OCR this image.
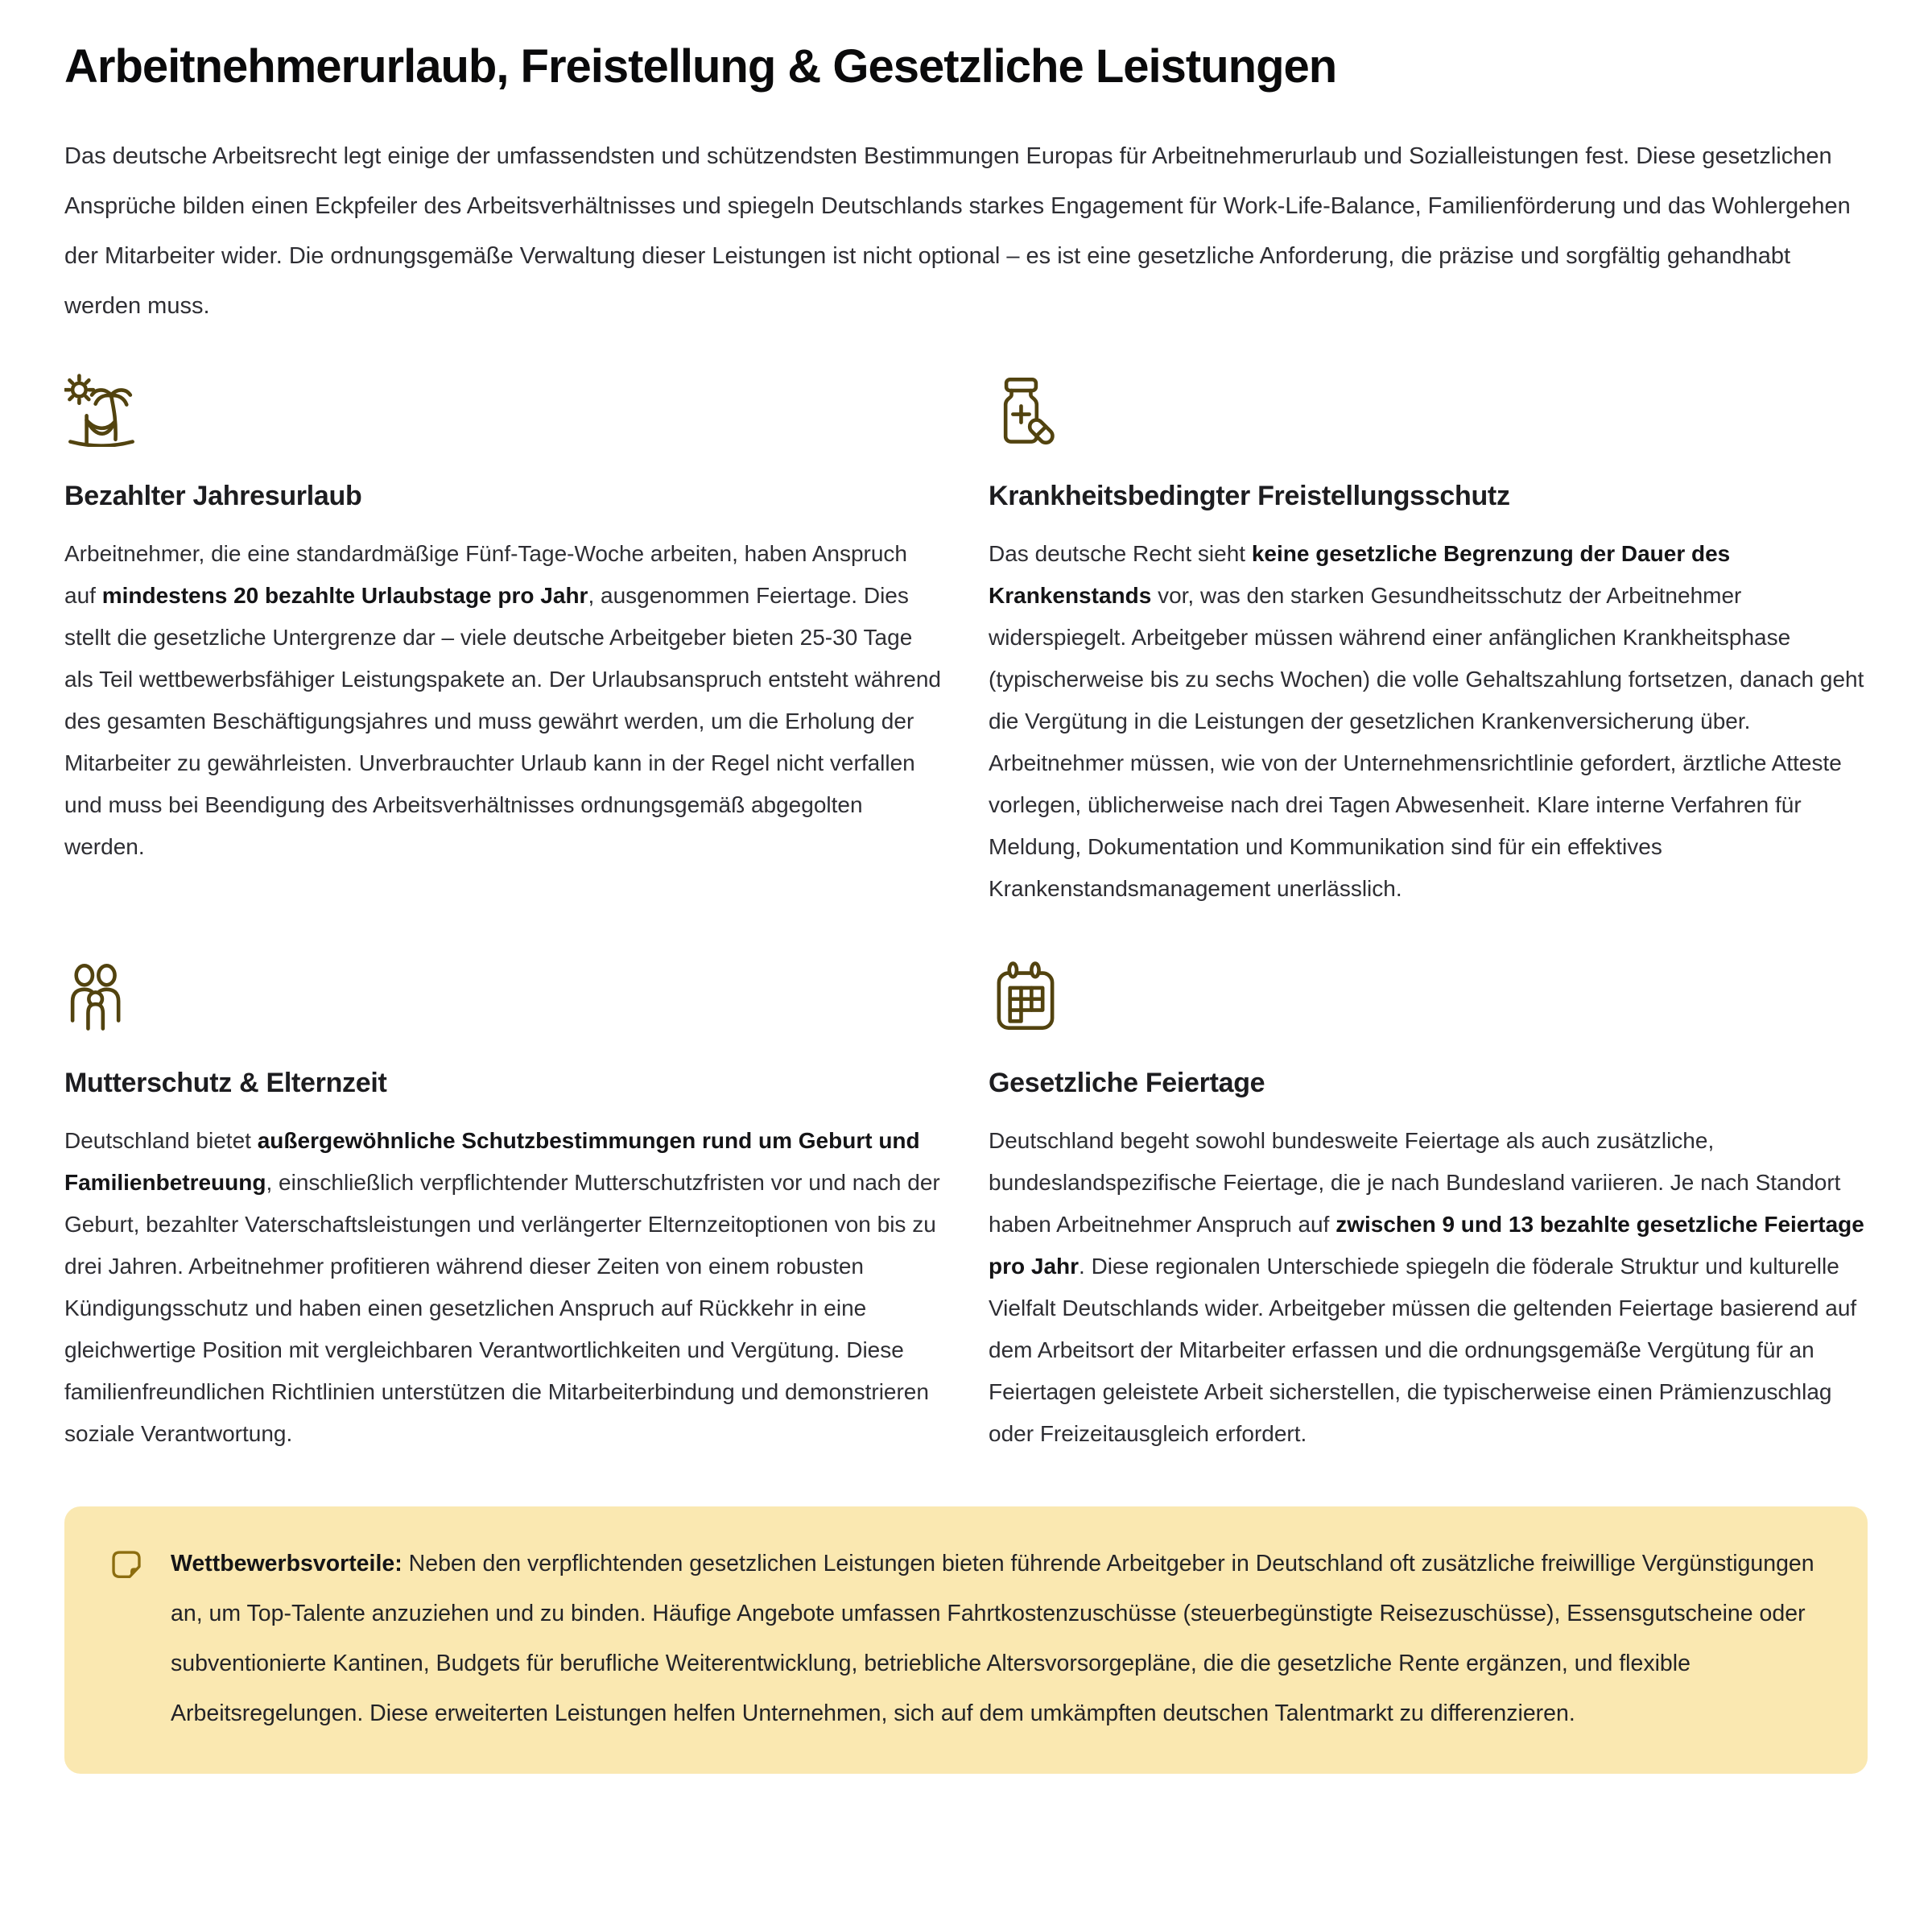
Arbeitnehmerurlaub, Freistellung & Gesetzliche Leistungen

Das deutsche Arbeitsrecht legt einige der umfassendsten und schützendsten Bestimmungen Europas für Arbeitnehmerurlaub und Sozialleistungen fest. Diese gesetzlichen Ansprüche bilden einen Eckpfeiler des Arbeitsverhältnisses und spiegeln Deutschlands starkes Engagement für Work-Life-Balance, Familienförderung und das Wohlergehen der Mitarbeiter wider. Die ordnungsgemäße Verwaltung dieser Leistungen ist nicht optional – es ist eine gesetzliche Anforderung, die präzise und sorgfältig gehandhabt werden muss.

Bezahlter Jahresurlaub

Arbeitnehmer, die eine standardmäßige Fünf-Tage-Woche arbeiten, haben Anspruch auf mindestens 20 bezahlte Urlaubstage pro Jahr, ausgenommen Feiertage. Dies stellt die gesetzliche Untergrenze dar – viele deutsche Arbeitgeber bieten 25-30 Tage als Teil wettbewerbsfähiger Leistungspakete an. Der Urlaubsanspruch entsteht während des gesamten Beschäftigungsjahres und muss gewährt werden, um die Erholung der Mitarbeiter zu gewährleisten. Unverbrauchter Urlaub kann in der Regel nicht verfallen und muss bei Beendigung des Arbeitsverhältnisses ordnungsgemäß abgegolten werden.

Krankheitsbedingter Freistellungsschutz

Das deutsche Recht sieht keine gesetzliche Begrenzung der Dauer des Krankenstands vor, was den starken Gesundheitsschutz der Arbeitnehmer widerspiegelt. Arbeitgeber müssen während einer anfänglichen Krankheitsphase (typischerweise bis zu sechs Wochen) die volle Gehaltszahlung fortsetzen, danach geht die Vergütung in die Leistungen der gesetzlichen Krankenversicherung über. Arbeitnehmer müssen, wie von der Unternehmensrichtlinie gefordert, ärztliche Atteste vorlegen, üblicherweise nach drei Tagen Abwesenheit. Klare interne Verfahren für Meldung, Dokumentation und Kommunikation sind für ein effektives Krankenstandsmanagement unerlässlich.

Mutterschutz & Elternzeit

Deutschland bietet außergewöhnliche Schutzbestimmungen rund um Geburt und Familienbetreuung, einschließlich verpflichtender Mutterschutzfristen vor und nach der Geburt, bezahlter Vaterschaftsleistungen und verlängerter Elternzeitoptionen von bis zu drei Jahren. Arbeitnehmer profitieren während dieser Zeiten von einem robusten Kündigungsschutz und haben einen gesetzlichen Anspruch auf Rückkehr in eine gleichwertige Position mit vergleichbaren Verantwortlichkeiten und Vergütung. Diese familienfreundlichen Richtlinien unterstützen die Mitarbeiterbindung und demonstrieren soziale Verantwortung.

Gesetzliche Feiertage

Deutschland begeht sowohl bundesweite Feiertage als auch zusätzliche, bundeslandspezifische Feiertage, die je nach Bundesland variieren. Je nach Standort haben Arbeitnehmer Anspruch auf zwischen 9 und 13 bezahlte gesetzliche Feiertage pro Jahr. Diese regionalen Unterschiede spiegeln die föderale Struktur und kulturelle Vielfalt Deutschlands wider. Arbeitgeber müssen die geltenden Feiertage basierend auf dem Arbeitsort der Mitarbeiter erfassen und die ordnungsgemäße Vergütung für an Feiertagen geleistete Arbeit sicherstellen, die typischerweise einen Prämienzuschlag oder Freizeitausgleich erfordert.

Wettbewerbsvorteile: Neben den verpflichtenden gesetzlichen Leistungen bieten führende Arbeitgeber in Deutschland oft zusätzliche freiwillige Vergünstigungen an, um Top-Talente anzuziehen und zu binden. Häufige Angebote umfassen Fahrtkostenzuschüsse (steuerbegünstigte Reisezuschüsse), Essensgutscheine oder subventionierte Kantinen, Budgets für berufliche Weiterentwicklung, betriebliche Altersvorsorgepläne, die die gesetzliche Rente ergänzen, und flexible Arbeitsregelungen. Diese erweiterten Leistungen helfen Unternehmen, sich auf dem umkämpften deutschen Talentmarkt zu differenzieren.
